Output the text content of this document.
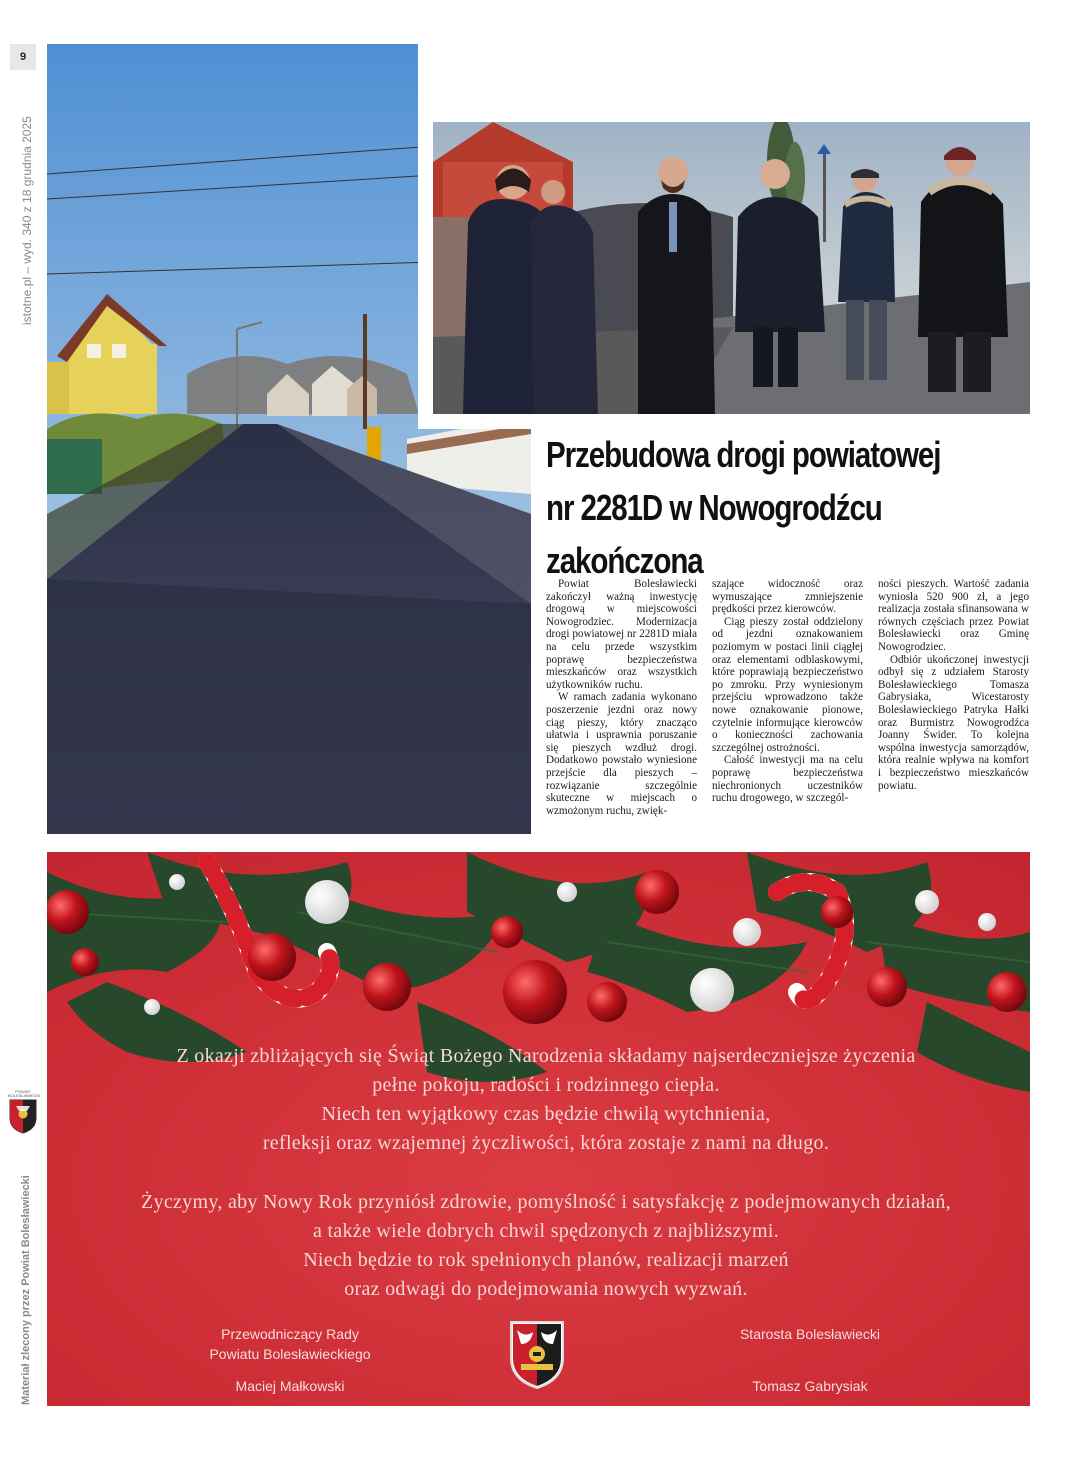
9
istotne.pl – wyd. 340 z 18 grudnia 2025
POWIAT BOLESŁAWIECKI
Materiał zlecony przez Powiat Bolesławiecki
Przebudowa drogi powiatowej
nr 2281D w Nowogrodźcu
zakończona

Powiat Bolesławiecki zakończył ważną inwestycję drogową w miejscowości Nowogrodziec. Modernizacja drogi powiatowej nr 2281D miała na celu przede wszystkim poprawę bezpieczeństwa mieszkańców oraz wszystkich użytkowników ruchu.

W ramach zadania wykonano poszerzenie jezdni oraz nowy ciąg pieszy, który znacząco ułatwia i usprawnia poruszanie się pieszych wzdłuż drogi. Dodatkowo powstało wyniesione przejście dla pieszych – rozwiązanie szczególnie skuteczne w miejscach o wzmożonym ruchu, zwięk-

szające widoczność oraz wymuszające zmniejszenie prędkości przez kierowców.

Ciąg pieszy został oddzielony od jezdni oznakowaniem poziomym w postaci linii ciągłej oraz elementami odblaskowymi, które poprawiają bezpieczeństwo po zmroku. Przy wyniesionym przejściu wprowadzono także nowe oznakowanie pionowe, czytelnie informujące kierowców o konieczności zachowania szczególnej ostrożności.

Całość inwestycji ma na celu poprawę bezpieczeństwa niechronionych uczestników ruchu drogowego, w szczegól-

ności pieszych. Wartość zadania wyniosła 520 900 zł, a jego realizacja została sfinansowana w równych częściach przez Powiat Bolesławiecki oraz Gminę Nowogrodziec.

Odbiór ukończonej inwestycji odbył się z udziałem Starosty Bolesławieckiego Tomasza Gabrysiaka, Wicestarosty Bolesławieckiego Patryka Hałki oraz Burmistrz Nowogrodźca Joanny Świder. To kolejna wspólna inwestycja samorządów, która realnie wpływa na komfort i bezpieczeństwo mieszkańców powiatu.

Z okazji zbliżających się Świąt Bożego Narodzenia składamy najserdeczniejsze życzenia

pełne pokoju, radości i rodzinnego ciepła.

Niech ten wyjątkowy czas będzie chwilą wytchnienia,

refleksji oraz wzajemnej życzliwości, która zostaje z nami na długo.

Życzymy, aby Nowy Rok przyniósł zdrowie, pomyślność i satysfakcję z podejmowanych działań,

a także wiele dobrych chwil spędzonych z najbliższymi.

Niech będzie to rok spełnionych planów, realizacji marzeń

oraz odwagi do podejmowania nowych wyzwań.

Przewodniczący Rady
Powiatu Bolesławieckiego
Maciej Małkowski
Starosta Bolesławiecki
Tomasz Gabrysiak
